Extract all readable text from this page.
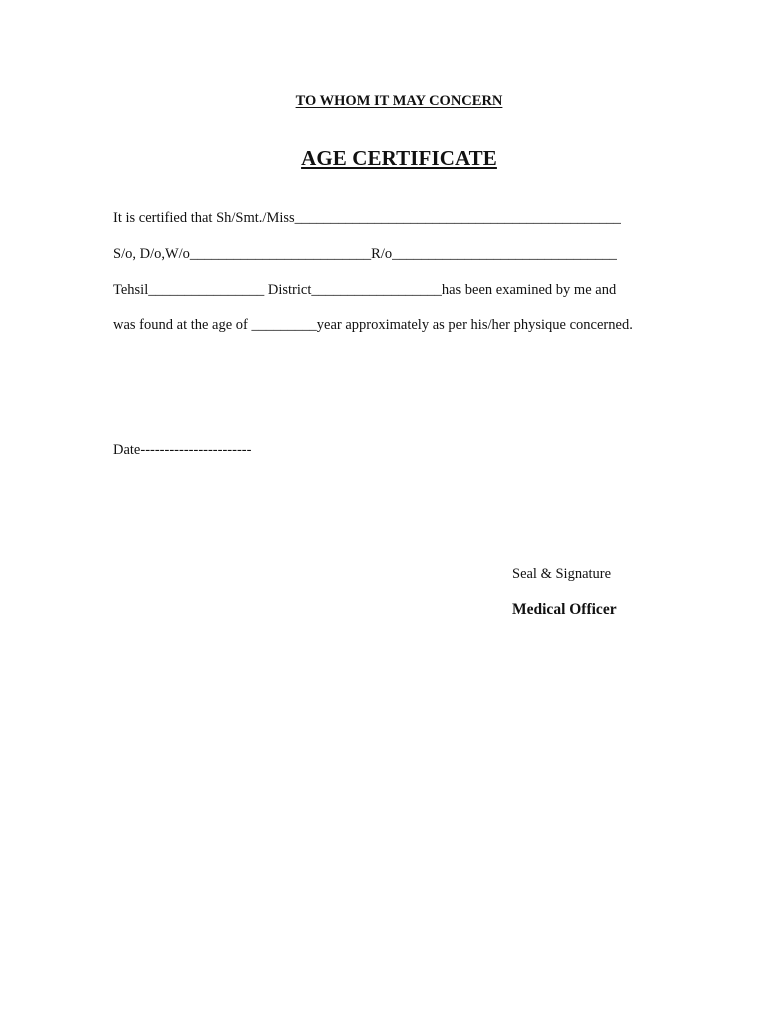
TO WHOM IT MAY CONCERN
AGE CERTIFICATE
It is certified that Sh/Smt./Miss_____________________________________________
S/o, D/o,W/o_________________________R/o_______________________________
Tehsil________________ District__________________has been examined by me and
was found at the age of _________year approximately as per his/her physique concerned.
Date-----------------------
Seal & Signature
Medical Officer
